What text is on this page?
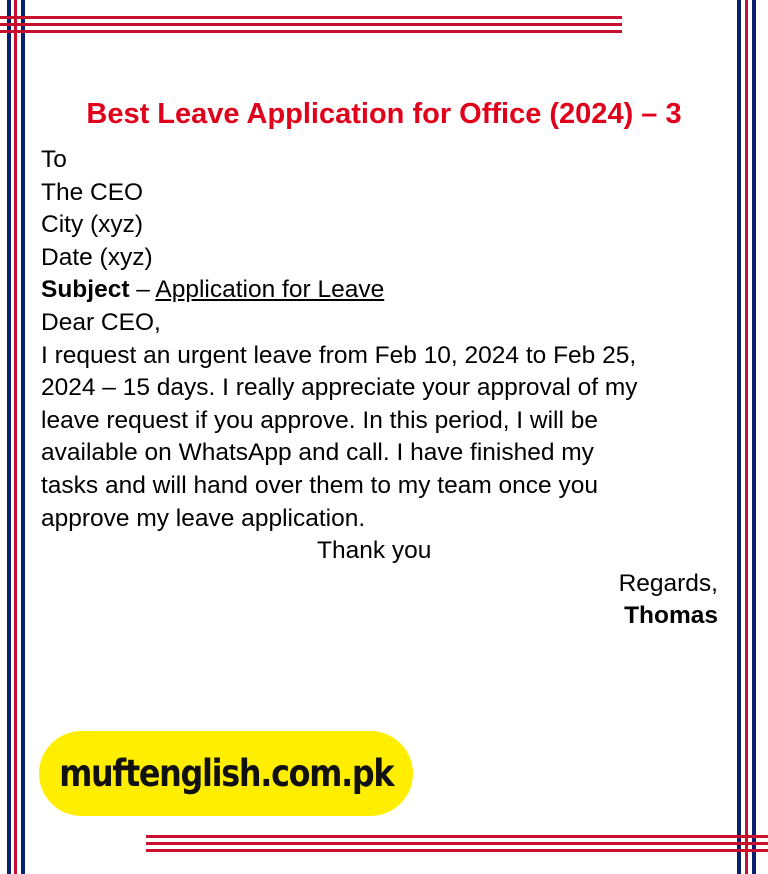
Best Leave Application for Office (2024) – 3
To
The CEO
City (xyz)
Date (xyz)
Subject – Application for Leave
Dear CEO,
I request an urgent leave from Feb 10, 2024 to Feb 25,
2024 – 15 days. I really appreciate your approval of my
leave request if you approve. In this period, I will be
available on WhatsApp and call. I have finished my
tasks and will hand over them to my team once you
approve my leave application.
Thank you
Regards,
Thomas
muftenglish.com.pk
